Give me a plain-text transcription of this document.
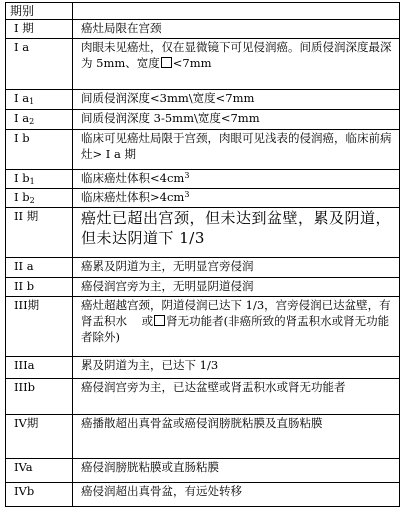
期别	
I 期	癌灶局限在宫颈
I a	肉眼未见癌灶，仅在显微镜下可见侵润癌。间质侵润深度最深为 5mm、宽度 <7mm
I $a_1$	间质侵润深度<3mm\宽度<7mm
I $a_2$	间质侵润深度 3-5mm\宽度<7mm
I b	临床可见癌灶局限于宫颈，肉眼可见浅表的侵润癌，临床前病灶> I a 期
I $b_1$	临床癌灶体积$<4cm^3$
I $b_2$	临床癌灶体积$>4cm^3$
II 期	癌灶已超出宫颈，但未达到盆壁，累及阴道，但未达阴道下 1/3
II a	癌累及阴道为主，无明显宫旁侵润
II b	癌侵润宫旁为主，无明显阴道侵润
III期	癌灶超越宫颈，阴道侵润已达下 1/3，宫旁侵润已达盆壁，有肾盂积水 或 肾无功能者(非癌所致的肾盂积水或肾无功能者除外)
IIIa	累及阴道为主，已达下 1/3
IIIb	癌侵润宫旁为主，已达盆壁或肾盂积水或肾无功能者
IV期	癌播散超出真骨盆或癌侵润膀胱粘膜及直肠粘膜
IVa	癌侵润膀胱粘膜或直肠粘膜
IVb	癌侵润超出真骨盆，有远处转移
